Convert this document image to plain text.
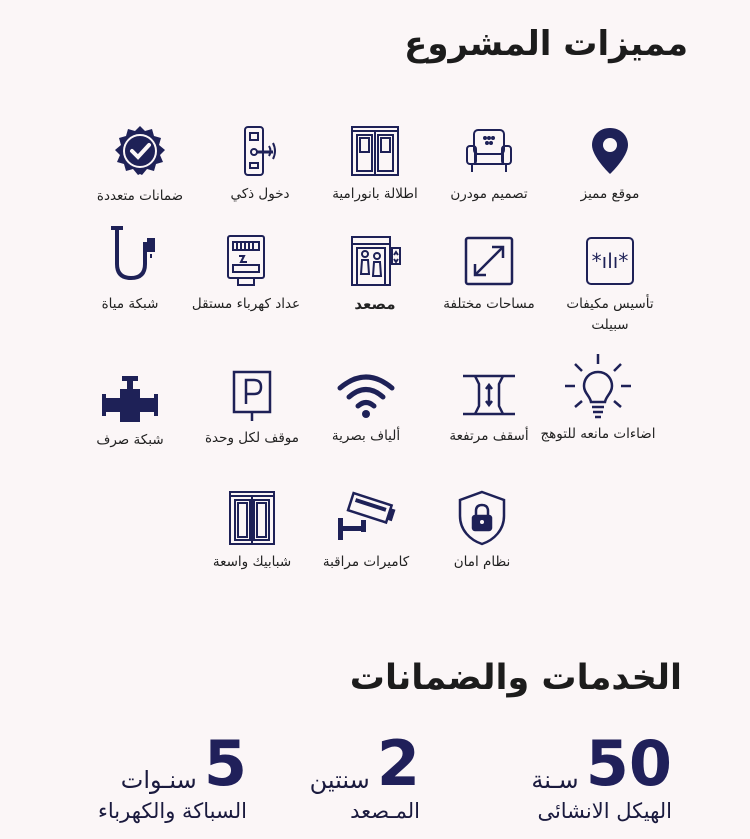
مميزات المشروع
موقع مميز
تصميم مودرن
اطلالة بانورامية
دخول ذكي
ضمانات متعددة
*ılı*
تأسيس مكيفات سبيلت
مساحات مختلفة
مصعد
عداد كهرباء مستقل
شبكة مياة
اضاءات مانعه للتوهج
أسقف مرتفعة
ألياف بصرية
موقف لكل وحدة
شبكة صرف
نظام امان
كاميرات مراقبة
شبابيك واسعة
الخدمات والضمانات
50 سـنة
الهيكل الانشائى
2 سنتين
المـصعد
5 سنـوات
السباكة والكهرباء
